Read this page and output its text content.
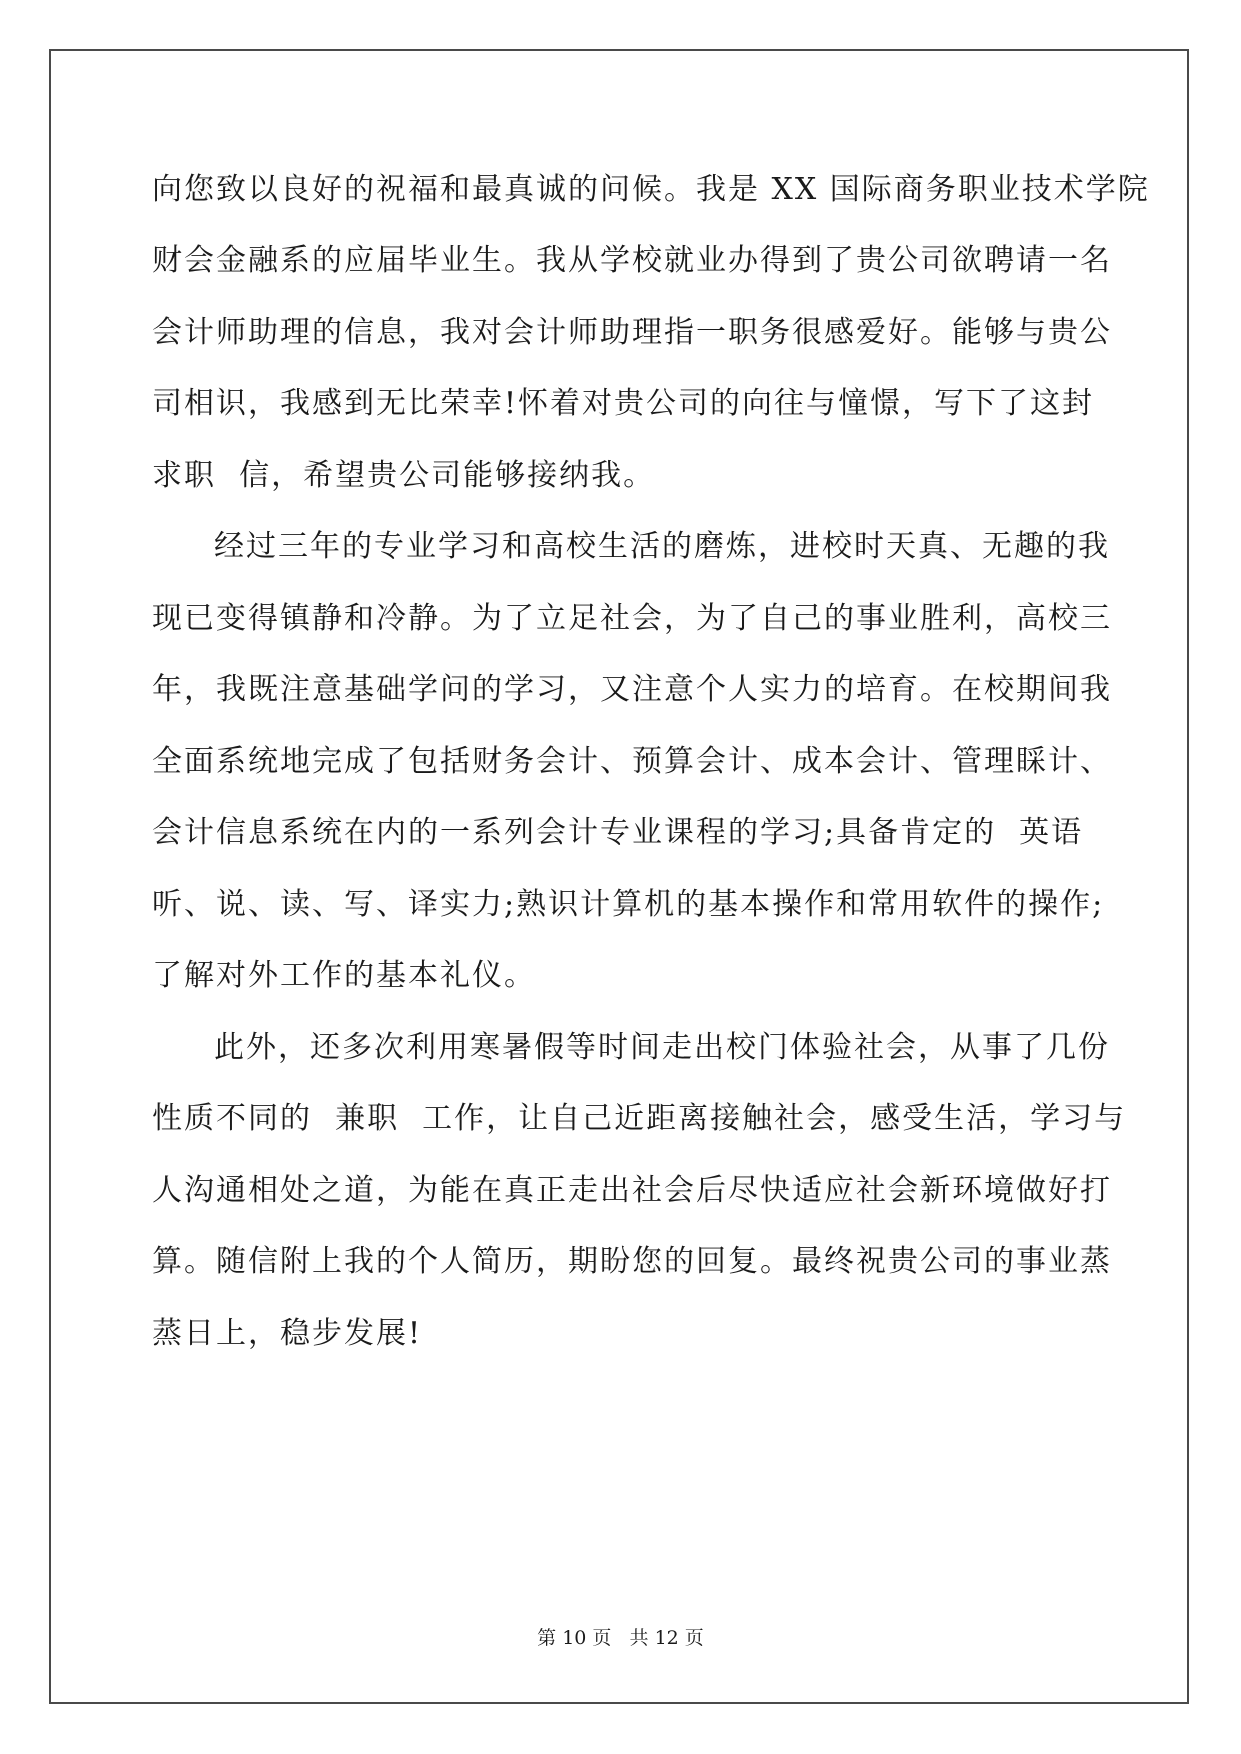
向您致以良好的祝福和最真诚的问候。我是 XX 国际商务职业技术学院
财会金融系的应届毕业生。我从学校就业办得到了贵公司欲聘请一名
会计师助理的信息，我对会计师助理指一职务很感爱好。能够与贵公
司相识，我感到无比荣幸!怀着对贵公司的向往与憧憬，写下了这封
求职  信，希望贵公司能够接纳我。
经过三年的专业学习和高校生活的磨炼，进校时天真、无趣的我
现已变得镇静和冷静。为了立足社会，为了自己的事业胜利，高校三
年，我既注意基础学问的学习，又注意个人实力的培育。在校期间我
全面系统地完成了包括财务会计、预算会计、成本会计、管理睬计、
会计信息系统在内的一系列会计专业课程的学习;具备肯定的  英语
听、说、读、写、译实力;熟识计算机的基本操作和常用软件的操作;
了解对外工作的基本礼仪。
此外，还多次利用寒暑假等时间走出校门体验社会，从事了几份
性质不同的  兼职  工作，让自己近距离接触社会，感受生活，学习与
人沟通相处之道，为能在真正走出社会后尽快适应社会新环境做好打
算。随信附上我的个人简历，期盼您的回复。最终祝贵公司的事业蒸
蒸日上，稳步发展!
第 10 页   共 12 页
